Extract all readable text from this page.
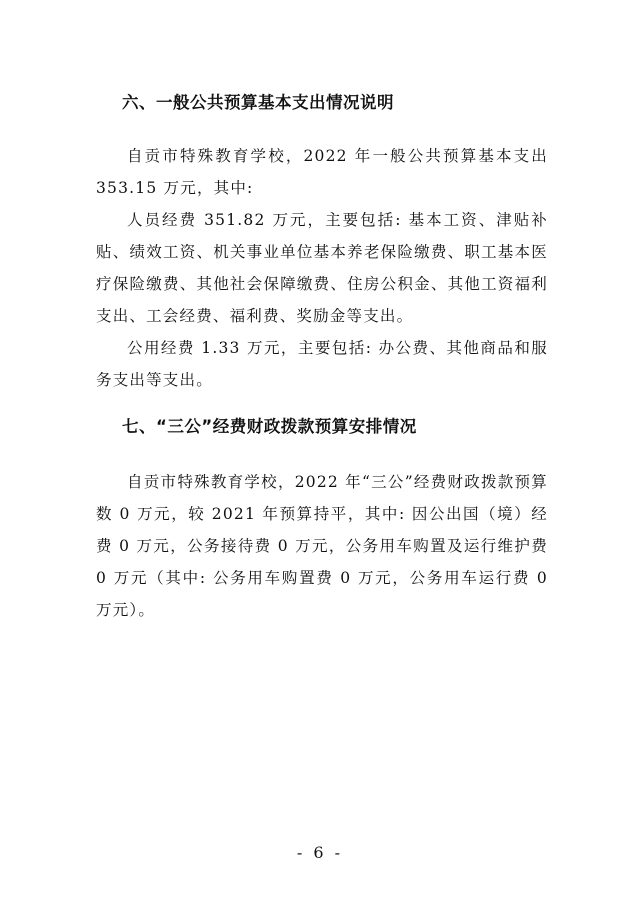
六、一般公共预算基本支出情况说明

自贡市特殊教育学校，2022 年一般公共预算基本支出 353.15 万元，其中:

人员经费 351.82 万元，主要包括: 基本工资、津贴补贴、绩效工资、机关事业单位基本养老保险缴费、职工基本医疗保险缴费、其他社会保障缴费、住房公积金、其他工资福利支出、工会经费、福利费、奖励金等支出。

公用经费 1.33 万元，主要包括: 办公费、其他商品和服务支出等支出。

七、“三公”经费财政拨款预算安排情况

自贡市特殊教育学校，2022 年“三公”经费财政拨款预算数 0 万元，较 2021 年预算持平，其中: 因公出国（境）经费 0 万元，公务接待费 0 万元，公务用车购置及运行维护费 0 万元（其中: 公务用车购置费 0 万元，公务用车运行费 0 万元）。

- 6 -
